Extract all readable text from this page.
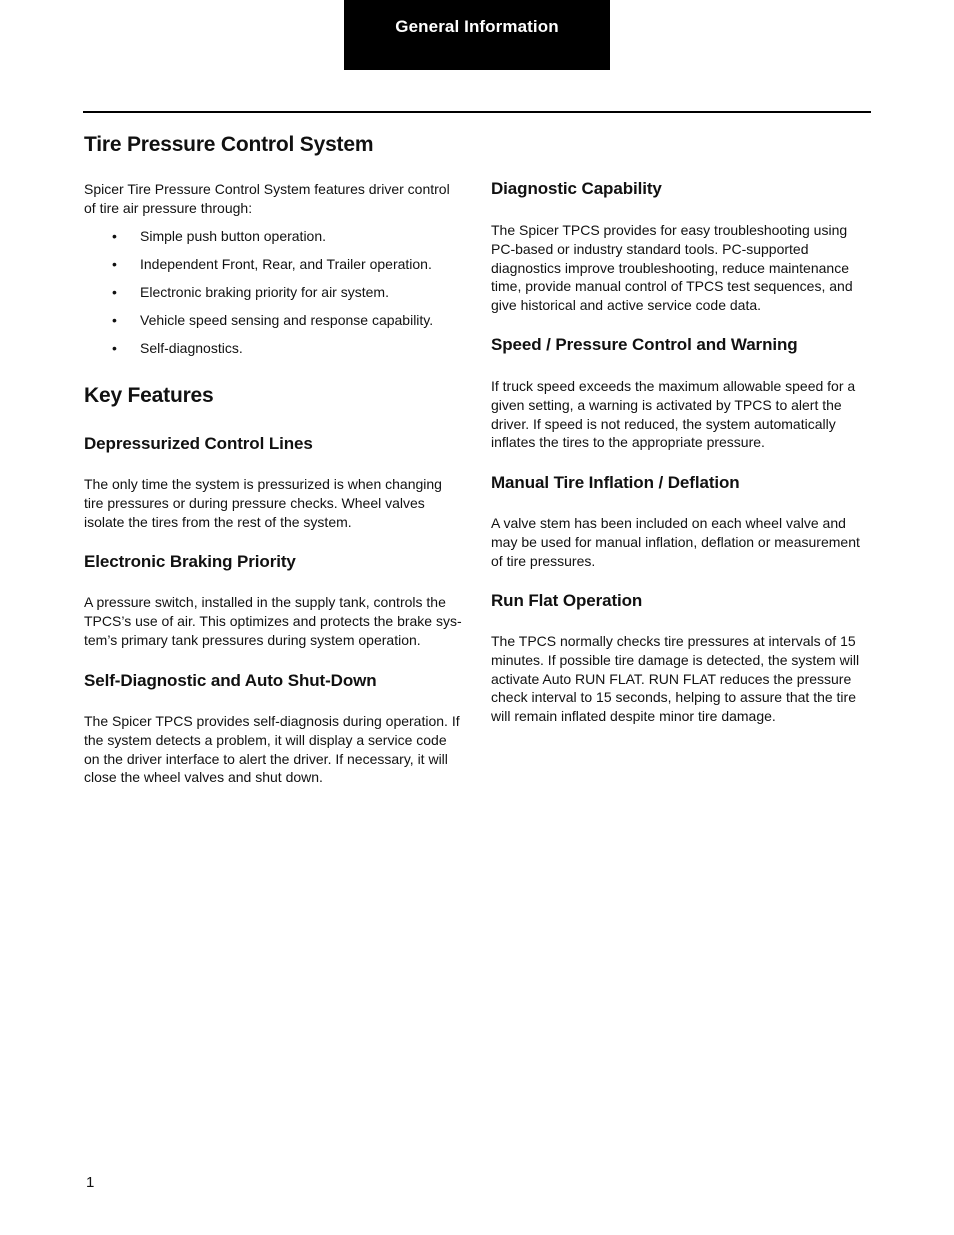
General Information
Tire Pressure Control System

Spicer Tire Pressure Control System features driver control of tire air pressure through:

• Simple push button operation.
• Independent Front, Rear, and Trailer operation.
• Electronic braking priority for air system.
• Vehicle speed sensing and response capability.
• Self-diagnostics.
Key Features
Depressurized Control Lines

The only time the system is pressurized is when changing tire pressures or during pressure checks. Wheel valves isolate the tires from the rest of the system.

Electronic Braking Priority

A pressure switch, installed in the supply tank, controls the TPCS’s use of air. This optimizes and protects the brake sys-tem’s primary tank pressures during system operation.

Self-Diagnostic and Auto Shut-Down

The Spicer TPCS provides self-diagnosis during operation. If the system detects a problem, it will display a service code on the driver interface to alert the driver. If necessary, it will close the wheel valves and shut down.

Diagnostic Capability

The Spicer TPCS provides for easy troubleshooting using PC-based or industry standard tools. PC-supported diagnostics improve troubleshooting, reduce maintenance time, provide manual control of TPCS test sequences, and give historical and active service code data.

Speed / Pressure Control and Warning

If truck speed exceeds the maximum allowable speed for a given setting, a warning is activated by TPCS to alert the driver. If speed is not reduced, the system automatically inflates the tires to the appropriate pressure.

Manual Tire Inflation / Deflation

A valve stem has been included on each wheel valve and may be used for manual inflation, deflation or measurement of tire pressures.

Run Flat Operation

The TPCS normally checks tire pressures at intervals of 15 minutes. If possible tire damage is detected, the system will activate Auto RUN FLAT. RUN FLAT reduces the pressure check interval to 15 seconds, helping to assure that the tire will remain inflated despite minor tire damage.

1
